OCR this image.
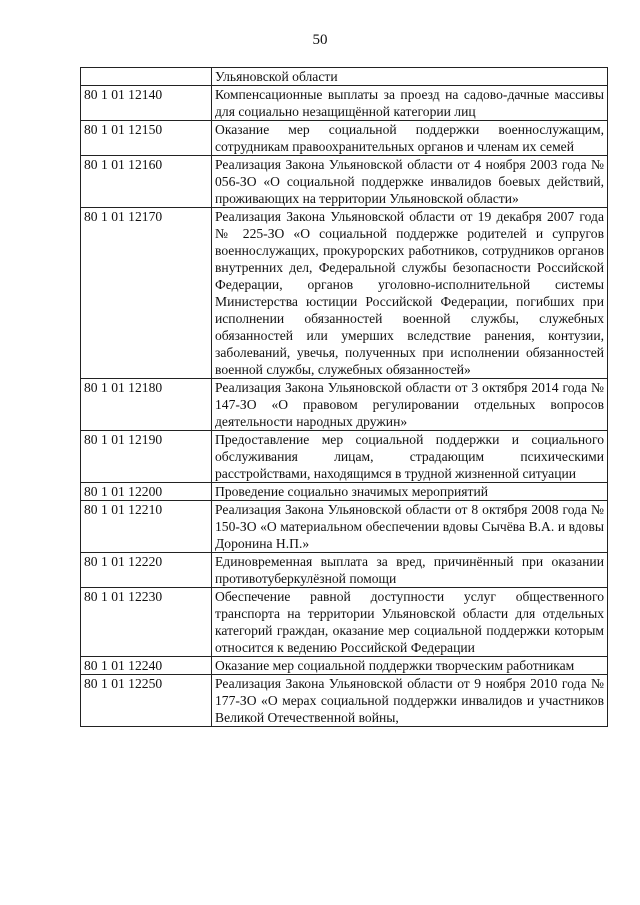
50
	Ульяновской области
80 1 01 12140	Компенсационные выплаты за проезд на садово-дачные массивы для социально незащищённой категории лиц
80 1 01 12150	Оказание мер социальной поддержки военнослужащим, сотрудникам правоохранительных органов и членам их семей
80 1 01 12160	Реализация Закона Ульяновской области от 4 ноября 2003 года № 056-ЗО «О социальной поддержке инвалидов боевых действий, проживающих на территории Ульяновской области»
80 1 01 12170	Реализация Закона Ульяновской области от 19 декабря 2007 года № 225-ЗО «О социальной поддержке родителей и супругов военнослужащих, прокурорских работников, сотрудников органов внутренних дел, Федеральной службы безопасности Российской Федерации, органов уголовно-исполнительной системы Министерства юстиции Российской Федерации, погибших при исполнении обязанностей военной службы, служебных обязанностей или умерших вследствие ранения, контузии, заболеваний, увечья, полученных при исполнении обязанностей военной службы, служебных обязанностей»
80 1 01 12180	Реализация Закона Ульяновской области от 3 октября 2014 года № 147-ЗО «О правовом регулировании отдельных вопросов деятельности народных дружин»
80 1 01 12190	Предоставление мер социальной поддержки и социального обслуживания лицам, страдающим психическими расстройствами, находящимся в трудной жизненной ситуации
80 1 01 12200	Проведение социально значимых мероприятий
80 1 01 12210	Реализация Закона Ульяновской области от 8 октября 2008 года № 150-ЗО «О материальном обеспечении вдовы Сычёва В.А. и вдовы Доронина Н.П.»
80 1 01 12220	Единовременная выплата за вред, причинённый при оказании противотуберкулёзной помощи
80 1 01 12230	Обеспечение равной доступности услуг общественного транспорта на территории Ульяновской области для отдельных категорий граждан, оказание мер социальной поддержки которым относится к ведению Российской Федерации
80 1 01 12240	Оказание мер социальной поддержки творческим работникам
80 1 01 12250	Реализация Закона Ульяновской области от 9 ноября 2010 года № 177-ЗО «О мерах социальной поддержки инвалидов и участников Великой Отечественной войны,
